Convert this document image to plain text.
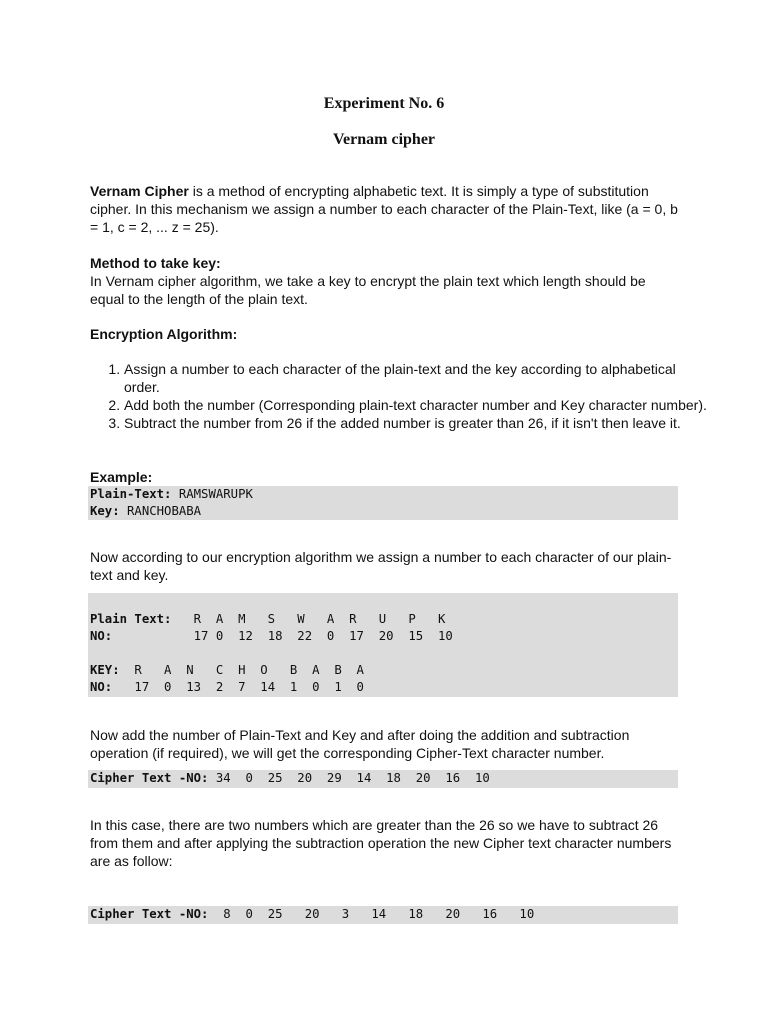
Experiment No. 6
Vernam cipher
Vernam Cipher is a method of encrypting alphabetic text. It is simply a type of substitution cipher. In this mechanism we assign a number to each character of the Plain-Text, like (a = 0, b = 1, c = 2, ... z = 25).
Method to take key:
In Vernam cipher algorithm, we take a key to encrypt the plain text which length should be equal to the length of the plain text.
Encryption Algorithm:
1. Assign a number to each character of the plain-text and the key according to alphabetical order.
2. Add both the number (Corresponding plain-text character number and Key character number).
3. Subtract the number from 26 if the added number is greater than 26, if it isn't then leave it.
Example:
Plain-Text: RAMSWARUPK
Key: RANCHOBABA
Now according to our encryption algorithm we assign a number to each character of our plain-text and key.
Plain Text:   R  A  M   S   W   A  R   U   P   K
NO:           17 0  12  18  22  0  17  20  15  10
KEY:  R   A  N   C  H  O   B  A  B  A
NO:   17  0  13  2  7  14  1  0  1  0
Now add the number of Plain-Text and Key and after doing the addition and subtraction operation (if required), we will get the corresponding Cipher-Text character number.
Cipher Text -NO: 34  0  25  20  29  14  18  20  16  10
In this case, there are two numbers which are greater than the 26 so we have to subtract 26 from them and after applying the subtraction operation the new Cipher text character numbers are as follow:
Cipher Text -NO:  8  0  25   20   3   14   18   20   16   10
